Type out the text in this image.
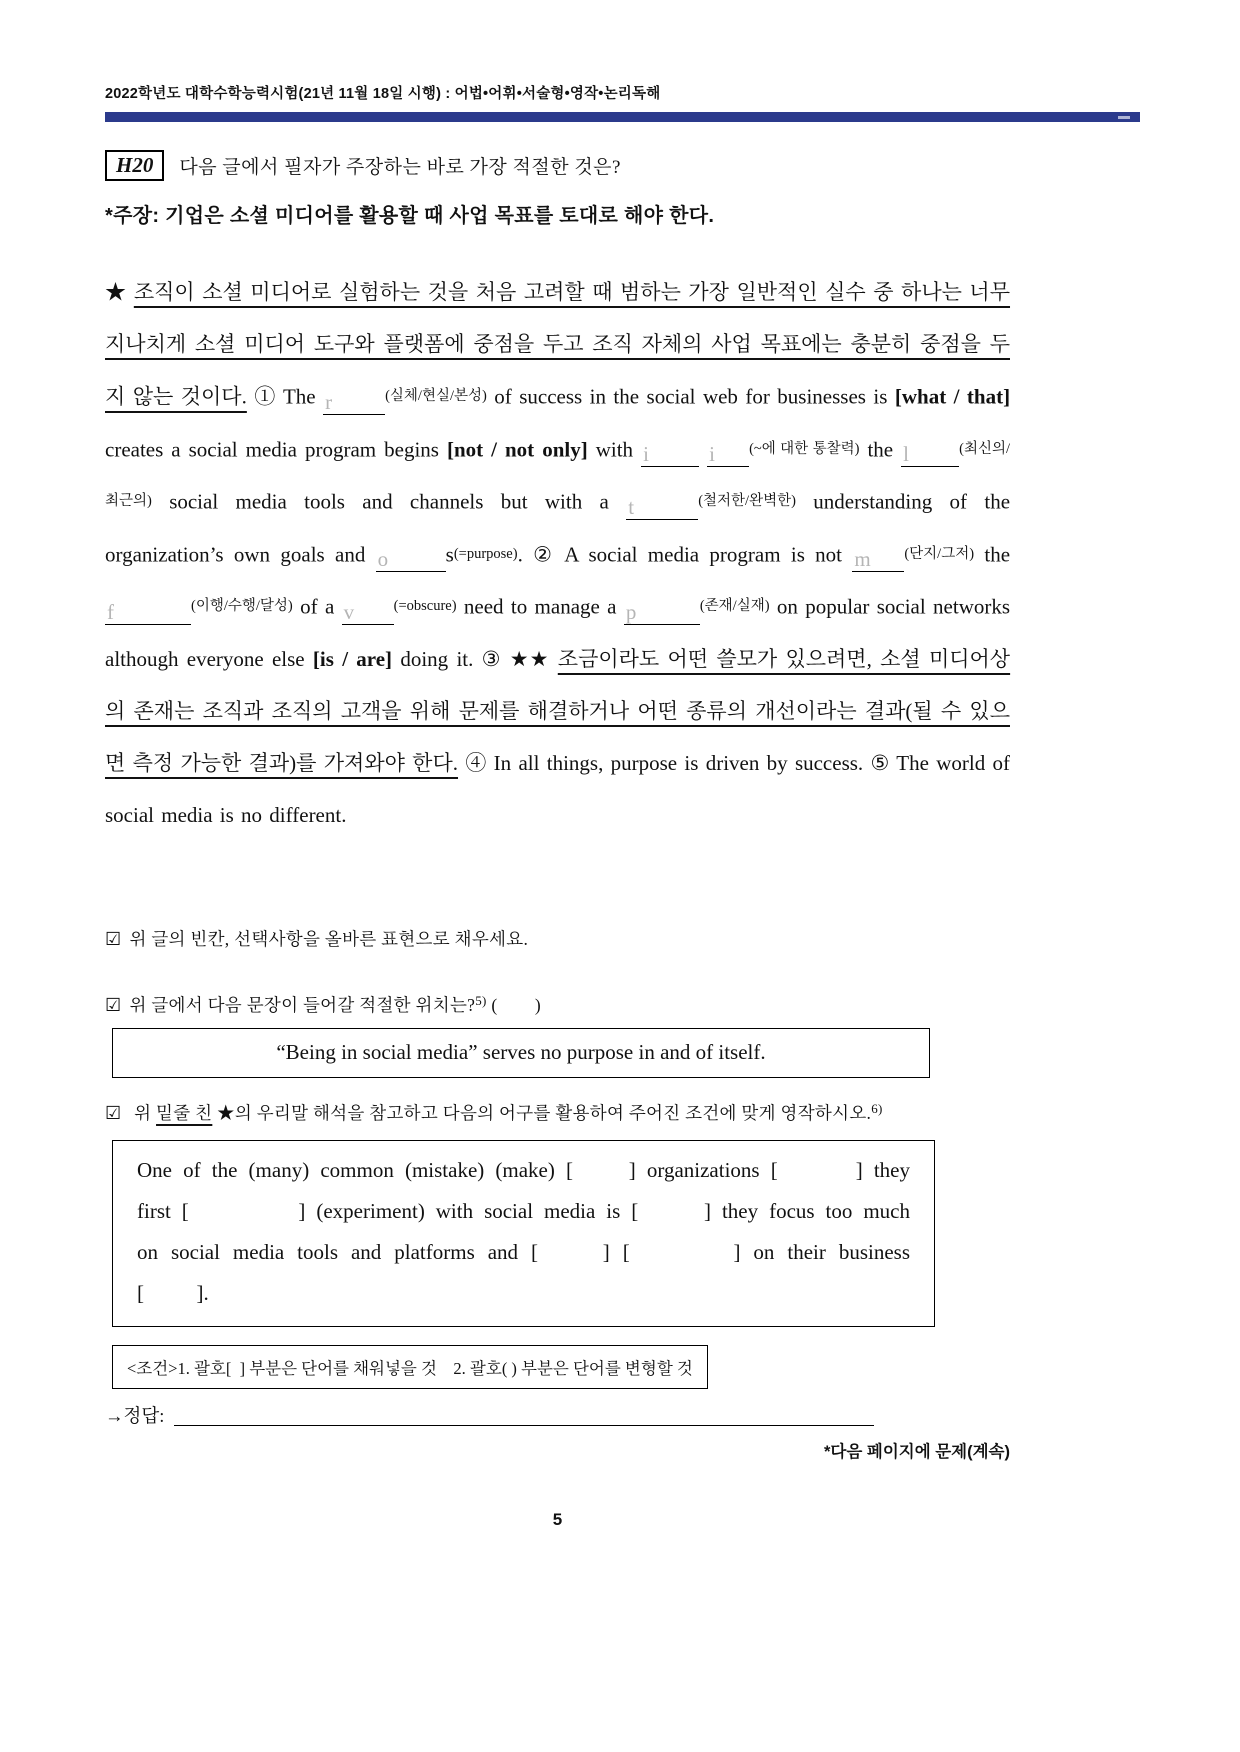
2022학년도 대학수학능력시험(21년 11월 18일 시행) : 어법•어휘•서술형•영작•논리독해
H20	다음 글에서 필자가 주장하는 바로 가장 적절한 것은?
*주장: 기업은 소셜 미디어를 활용할 때 사업 목표를 토대로 해야 한다.
★ 조직이 소셜 미디어로 실험하는 것을 처음 고려할 때 범하는 가장 일반적인 실수 중 하나는 너무 지나치게 소셜 미디어 도구와 플랫폼에 중점을 두고 조직 자체의 사업 목표에는 충분히 중점을 두지 않는 것이다. ① The r	(실체/현실/본성) of success in the social web for businesses is [what / that] creates a social media program begins [not / not only] with i	i (~에 대한 통찰력) the l	(최신의/최근의) social media tools and channels but with a t	(철저한/완벽한) understanding of the organization’s own goals and o	s(=purpose). ② A social media program is not m (단지/그저) the f	(이행/수행/달성) of a v	(=obscure) need to manage a p	(존재/실재) on popular social networks although everyone else [is / are] doing it. ③ ★★ 조금이라도 어떤 쓸모가 있으려면, 소셜 미디어상의 존재는 조직과 조직의 고객을 위해 문제를 해결하거나 어떤 종류의 개선이라는 결과(될 수 있으면 측정 가능한 결과)를 가져와야 한다. ④ In all things, purpose is driven by success. ⑤ The world of social media is no different.
☑ 위 글의 빈칸, 선택사항을 올바른 표현으로 채우세요.
☑ 위 글에서 다음 문장이 들어갈 적절한 위치는?$^{5)}$ (        )
“Being in social media” serves no purpose in and of itself.
☑ 위 밑줄 친 ★의 우리말 해석을 참고하고 다음의 어구를 활용하여 주어진 조건에 맞게 영작하시오.$^{6)}$
One of the (many) common (mistake) (make) [     ] organizations [       ] they
first [          ] (experiment) with social media is [      ] they focus too much
on social media tools and platforms and [     ] [        ] on their business
[          ].
<조건>1. 괄호[  ] 부분은 단어를 채워넣을 것    2. 괄호( ) 부분은 단어를 변형할 것
→정답:
*다음 페이지에 문제(계속)
5
